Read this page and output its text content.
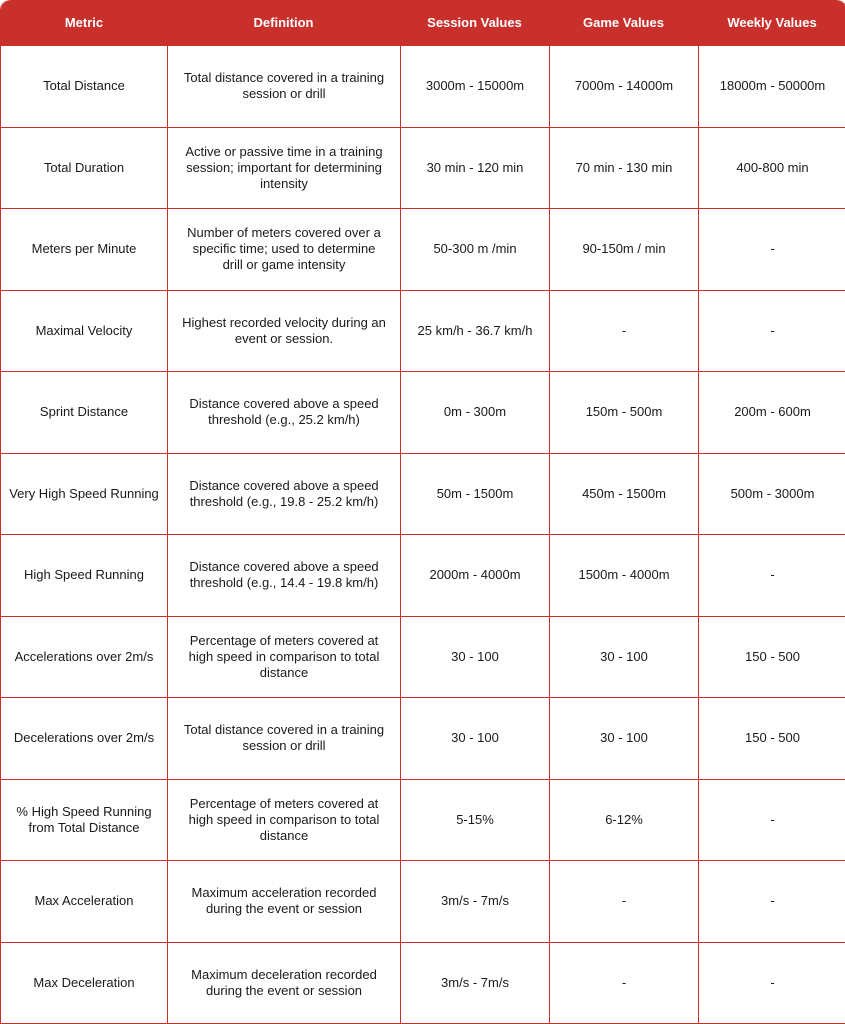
Metric	Definition	Session Values	Game Values	Weekly Values
Total Distance	Total distance covered in a training session or drill	3000m - 15000m	7000m - 14000m	18000m - 50000m
Total Duration	Active or passive time in a training session; important for determining intensity	30 min - 120 min	70 min - 130 min	400-800 min
Meters per Minute	Number of meters covered over a specific time; used to determine drill or game intensity	50-300 m /min	90-150m / min	-
Maximal Velocity	Highest recorded velocity during an event or session.	25 km/h - 36.7 km/h	-	-
Sprint Distance	Distance covered above a speed threshold (e.g., 25.2 km/h)	0m - 300m	150m - 500m	200m - 600m
Very High Speed Running	Distance covered above a speed threshold (e.g., 19.8 - 25.2 km/h)	50m - 1500m	450m - 1500m	500m - 3000m
High Speed Running	Distance covered above a speed threshold (e.g., 14.4 - 19.8 km/h)	2000m - 4000m	1500m - 4000m	-
Accelerations over 2m/s	Percentage of meters covered at high speed in comparison to total distance	30 - 100	30 - 100	150 - 500
Decelerations over 2m/s	Total distance covered in a training session or drill	30 - 100	30 - 100	150 - 500
% High Speed Running from Total Distance	Percentage of meters covered at high speed in comparison to total distance	5-15%	6-12%	-
Max Acceleration	Maximum acceleration recorded during the event or session	3m/s - 7m/s	-	-
Max Deceleration	Maximum deceleration recorded during the event or session	3m/s - 7m/s	-	-
